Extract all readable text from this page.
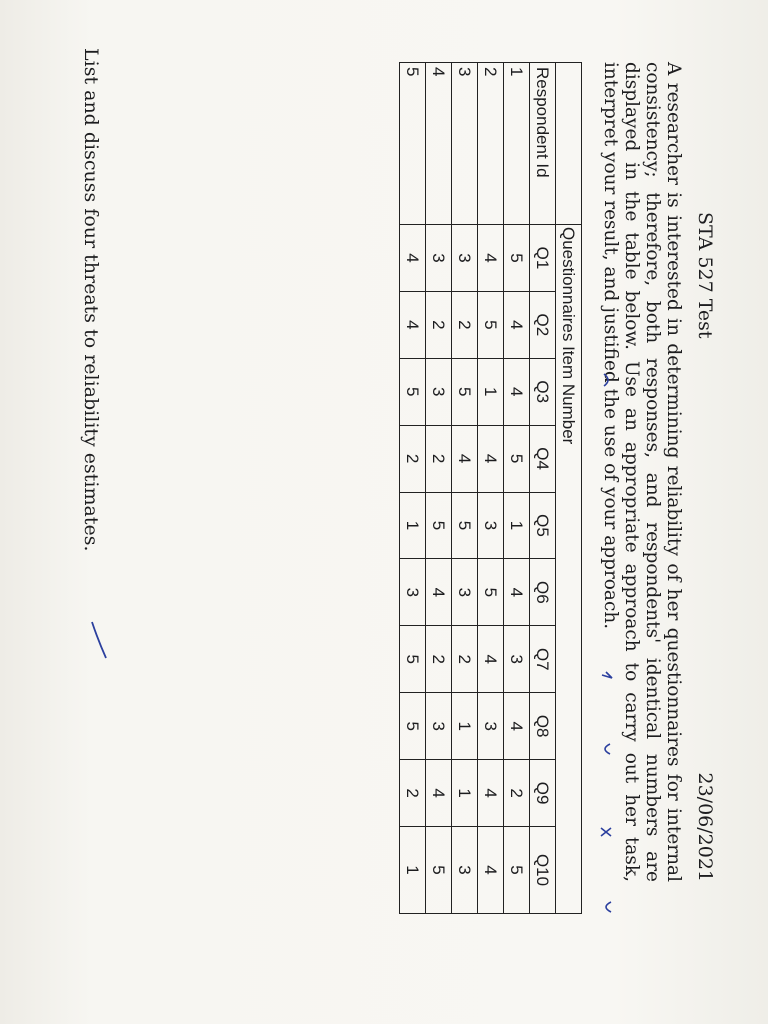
STA 527 Test
23/06/2021

A researcher is interested in determining reliability of her questionnaires for internal consistency; therefore, both responses, and respondents' identical numbers are displayed in the table below. Use an appropriate approach to carry out her task, interpret your result, and justified the use of your approach.

	Questionnaires Item Number									
Respondent Id	Q1	Q2	Q3	Q4	Q5	Q6	Q7	Q8	Q9	Q10
1	5	4	4	5	1	4	3	4	2	5
2	4	5	1	4	3	5	4	3	4	4
3	3	2	5	4	5	3	2	1	1	3
4	3	2	3	2	5	4	2	3	4	5
5	4	4	5	2	1	3	5	5	2	1
List and discuss four threats to reliability estimates.
